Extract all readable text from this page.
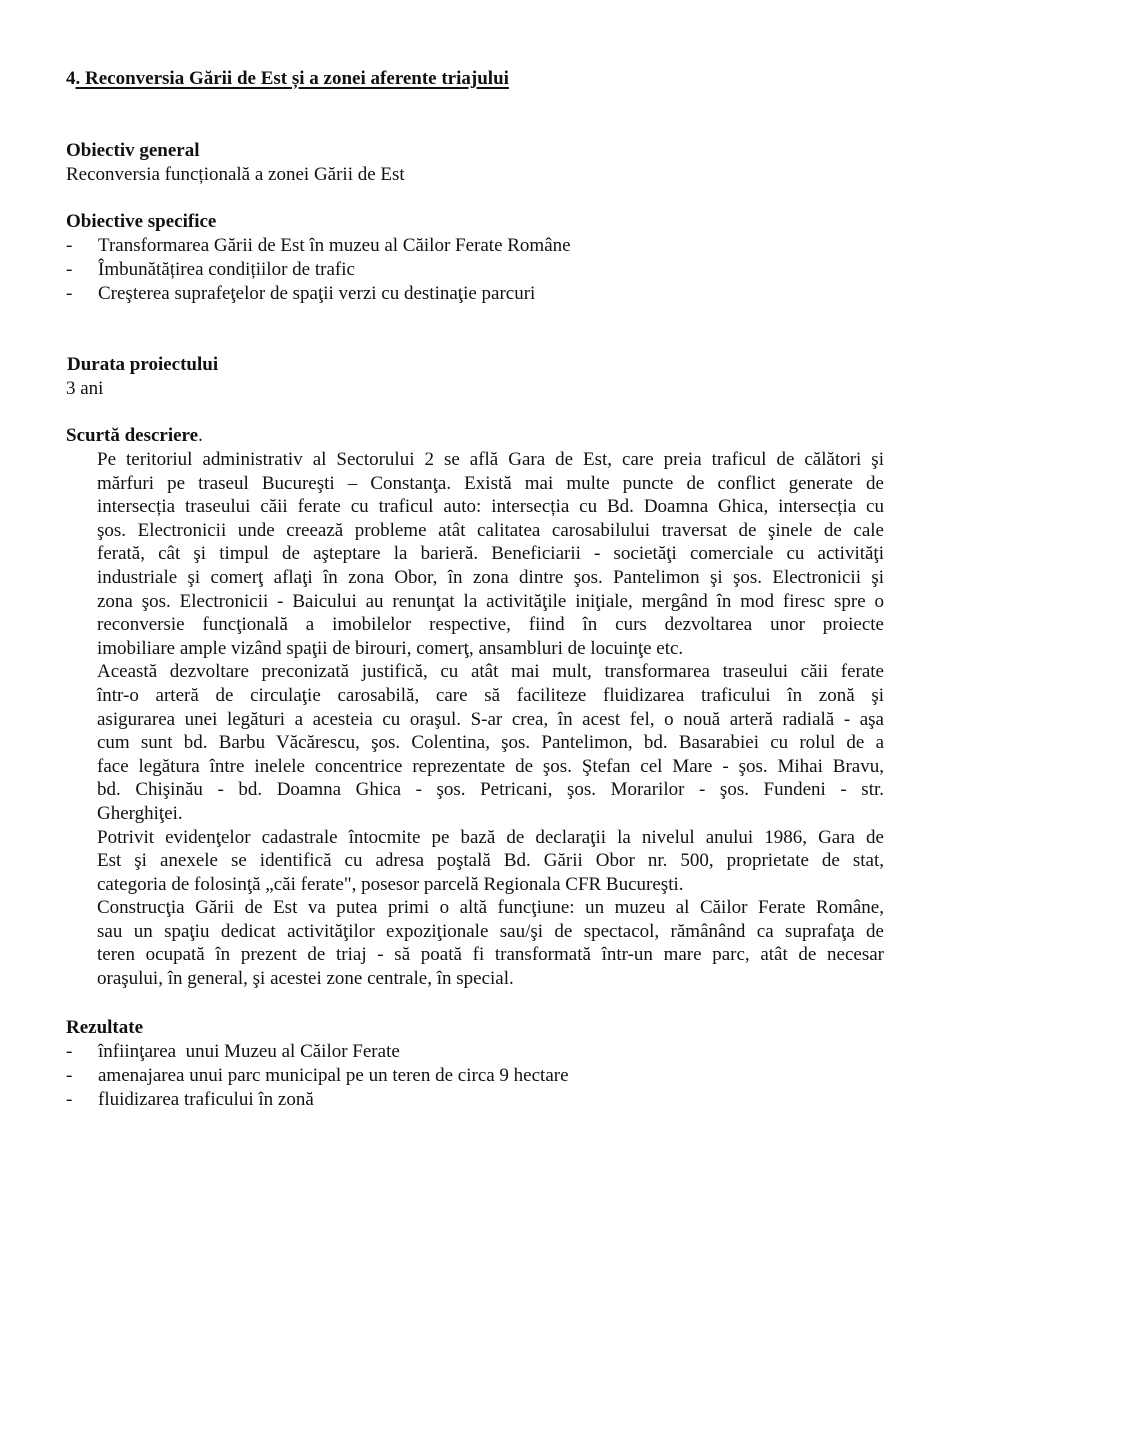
4. Reconversia Gării de Est și a zonei aferente triajului
Obiectiv general
Reconversia funcțională a zonei Gării de Est
Obiective specifice
-	Transformarea Gării de Est în muzeu al Căilor Ferate Române
-	Îmbunătățirea condițiilor de trafic
-	Creşterea suprafeţelor de spaţii verzi cu destinaţie parcuri
Durata proiectului
3 ani
Scurtă descriere.
Pe teritoriul administrativ al Sectorului 2 se află Gara de Est, care preia traficul de călători şi
mărfuri pe traseul Bucureşti – Constanţa. Există mai multe puncte de conflict generate de
intersecția traseului căii ferate cu traficul auto: intersecția cu Bd. Doamna Ghica, intersecția cu
şos. Electronicii unde creează probleme atât calitatea carosabilului traversat de şinele de cale
ferată, cât şi timpul de aşteptare la barieră. Beneficiarii - societăţi comerciale cu activităţi
industriale şi comerţ aflaţi în zona Obor, în zona dintre şos. Pantelimon şi şos. Electronicii şi
zona şos. Electronicii - Baicului au renunţat la activităţile iniţiale, mergând în mod firesc spre o
reconversie funcţională a imobilelor respective, fiind în curs dezvoltarea unor proiecte
imobiliare ample vizând spaţii de birouri, comerţ, ansambluri de locuinţe etc.
Această dezvoltare preconizată justifică, cu atât mai mult, transformarea traseului căii ferate
într-o arteră de circulaţie carosabilă, care să faciliteze fluidizarea traficului în zonă şi
asigurarea unei legături a acesteia cu oraşul. S-ar crea, în acest fel, o nouă arteră radială - aşa
cum sunt bd. Barbu Văcărescu, şos. Colentina, şos. Pantelimon, bd. Basarabiei cu rolul de a
face legătura între inelele concentrice reprezentate de şos. Ştefan cel Mare - şos. Mihai Bravu,
bd. Chişinău - bd. Doamna Ghica - şos. Petricani, şos. Morarilor - şos. Fundeni - str.
Gherghiţei.
Potrivit evidenţelor cadastrale întocmite pe bază de declaraţii la nivelul anului 1986, Gara de
Est şi anexele se identifică cu adresa poştală Bd. Gării Obor nr. 500, proprietate de stat,
categoria de folosinţă „căi ferate", posesor parcelă Regionala CFR Bucureşti.
Construcţia Gării de Est va putea primi o altă funcţiune: un muzeu al Căilor Ferate Române,
sau un spaţiu dedicat activităţilor expoziţionale sau/şi de spectacol, rămânând ca suprafaţa de
teren ocupată în prezent de triaj - să poată fi transformată într-un mare parc, atât de necesar
oraşului, în general, şi acestei zone centrale, în special.
Rezultate
-	înfiinţarea  unui Muzeu al Căilor Ferate
-	amenajarea unui parc municipal pe un teren de circa 9 hectare
-	fluidizarea traficului în zonă
